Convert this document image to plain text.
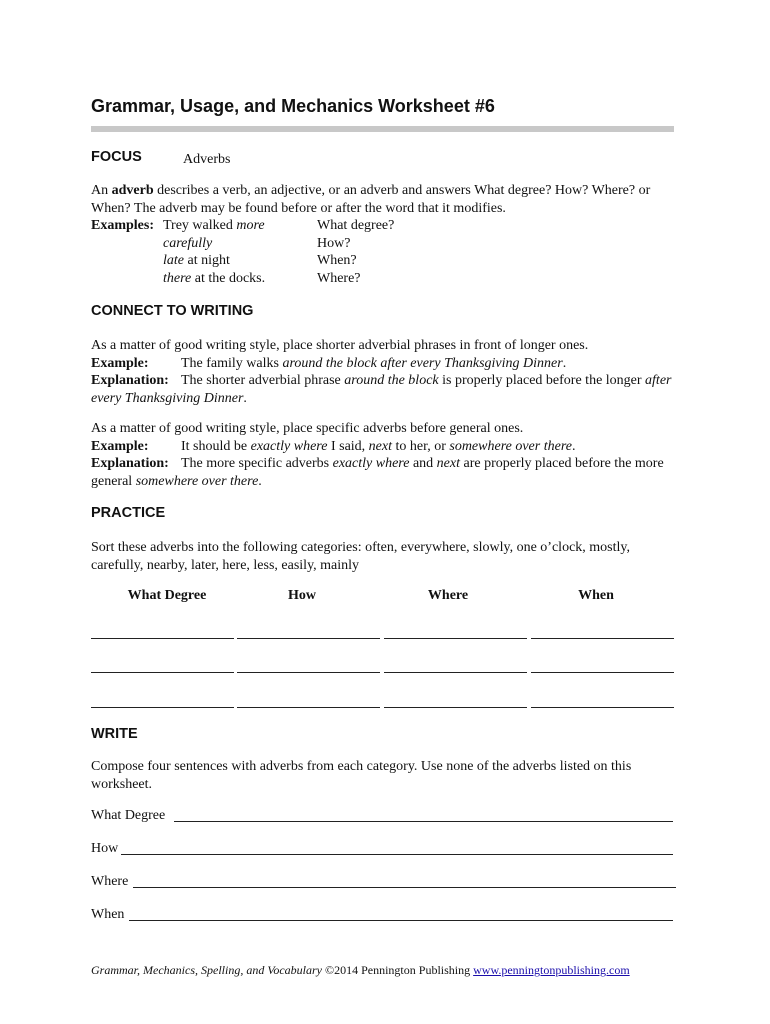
Grammar, Usage, and Mechanics Worksheet #6
FOCUS	Adverbs
An adverb describes a verb, an adjective, or an adverb and answers What degree? How? Where? or When? The adverb may be found before or after the word that it modifies.
Examples: Trey walked more	What degree?
carefully	How?
late at night	When?
there at the docks.	Where?
CONNECT TO WRITING
As a matter of good writing style, place shorter adverbial phrases in front of longer ones.
Example: The family walks around the block after every Thanksgiving Dinner.
Explanation: The shorter adverbial phrase around the block is properly placed before the longer after every Thanksgiving Dinner.
As a matter of good writing style, place specific adverbs before general ones.
Example: It should be exactly where I said, next to her, or somewhere over there.
Explanation: The more specific adverbs exactly where and next are properly placed before the more general somewhere over there.
PRACTICE
Sort these adverbs into the following categories: often, everywhere, slowly, one o’clock, mostly, carefully, nearby, later, here, less, easily, mainly
What Degree	How	Where	When
WRITE
Compose four sentences with adverbs from each category. Use none of the adverbs listed on this worksheet.
What Degree
How
Where
When
Grammar, Mechanics, Spelling, and Vocabulary ©2014 Pennington Publishing www.penningtonpublishing.com
